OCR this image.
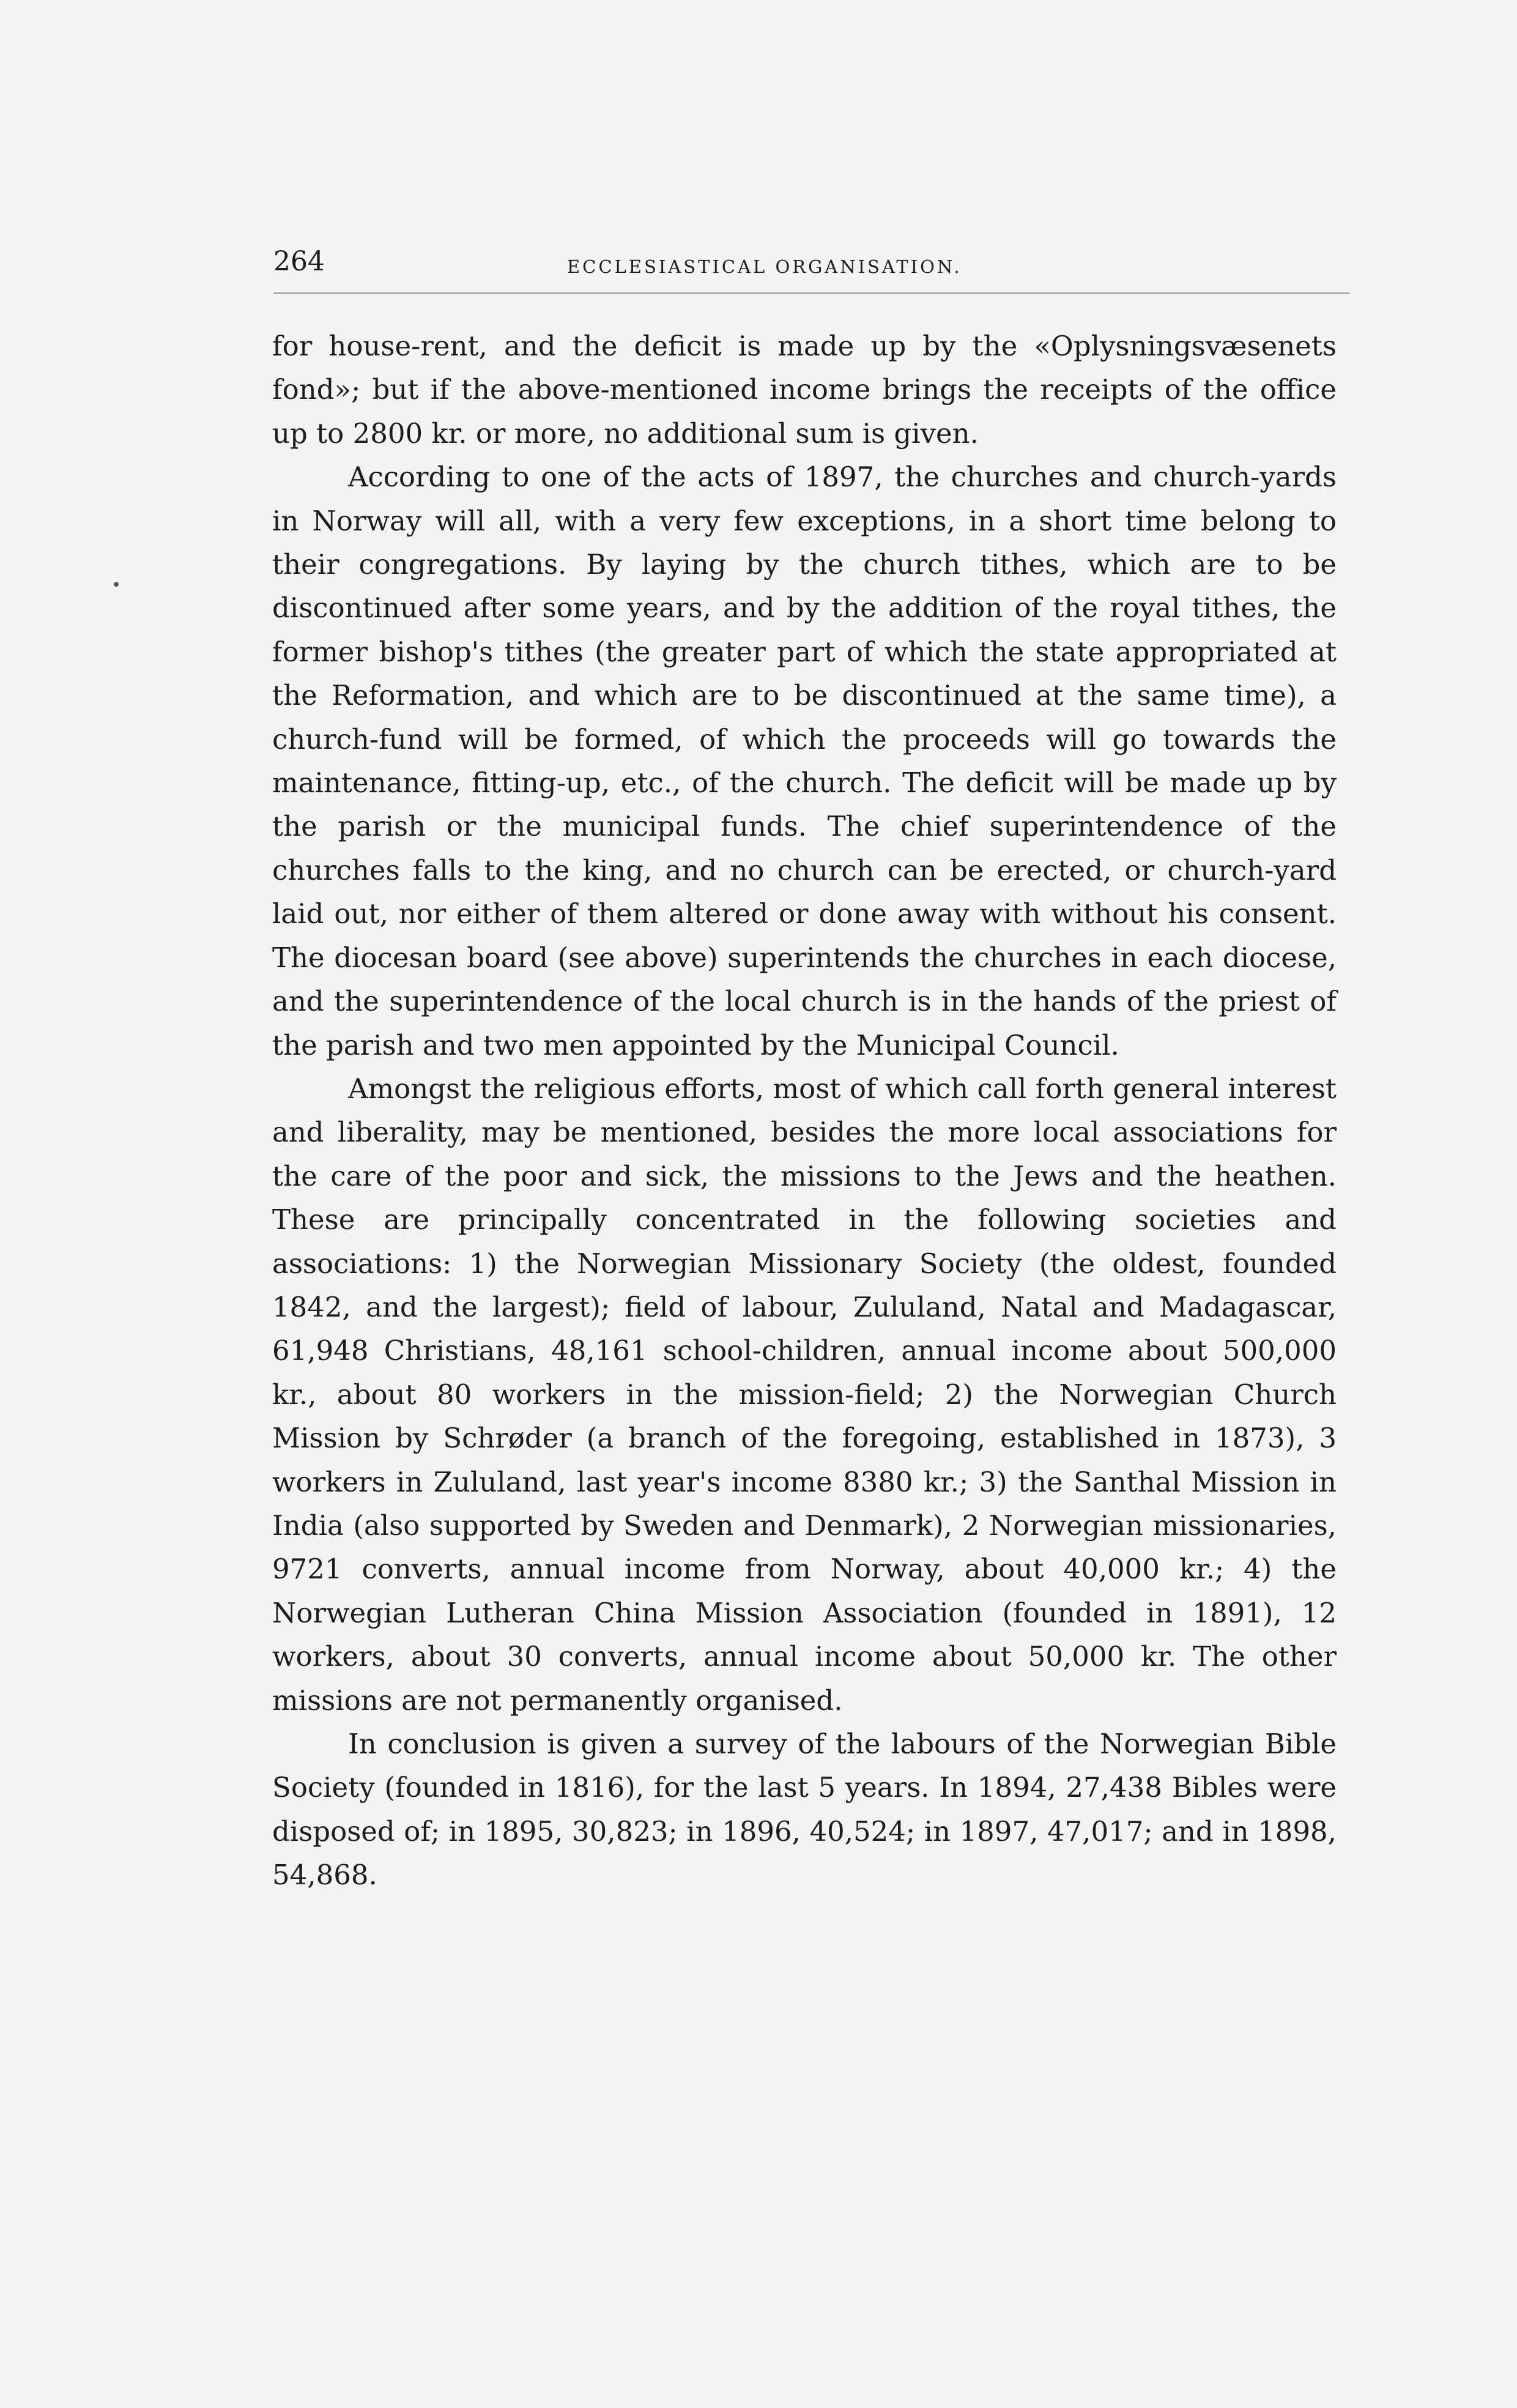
264	ECCLESIASTICAL ORGANISATION.

for house-rent, and the deficit is made up by the «Oplysningsvæsenets fond»; but if the above-mentioned income brings the receipts of the office up to 2800 kr. or more, no additional sum is given.

According to one of the acts of 1897, the churches and church-yards in Norway will all, with a very few exceptions, in a short time belong to their congregations. By laying by the church tithes, which are to be discontinued after some years, and by the addition of the royal tithes, the former bishop's tithes (the greater part of which the state appropriated at the Reformation, and which are to be discontinued at the same time), a church-fund will be formed, of which the proceeds will go towards the maintenance, fitting-up, etc., of the church. The deficit will be made up by the parish or the municipal funds. The chief superintendence of the churches falls to the king, and no church can be erected, or church-yard laid out, nor either of them altered or done away with without his consent. The diocesan board (see above) superintends the churches in each diocese, and the superintendence of the local church is in the hands of the priest of the parish and two men appointed by the Municipal Council.

Amongst the religious efforts, most of which call forth general interest and liberality, may be mentioned, besides the more local associations for the care of the poor and sick, the missions to the Jews and the heathen. These are principally concentrated in the following societies and associations: 1) the Norwegian Missionary Society (the oldest, founded 1842, and the largest); field of labour, Zululand, Natal and Madagascar, 61,948 Christians, 48,161 school-children, annual income about 500,000 kr., about 80 workers in the mission-field; 2) the Norwegian Church Mission by Schrøder (a branch of the foregoing, established in 1873), 3 workers in Zululand, last year's income 8380 kr.; 3) the Santhal Mission in India (also supported by Sweden and Denmark), 2 Norwegian missionaries, 9721 converts, annual income from Norway, about 40,000 kr.; 4) the Norwegian Lutheran China Mission Association (founded in 1891), 12 workers, about 30 converts, annual income about 50,000 kr. The other missions are not permanently organised.

In conclusion is given a survey of the labours of the Norwegian Bible Society (founded in 1816), for the last 5 years. In 1894, 27,438 Bibles were disposed of; in 1895, 30,823; in 1896, 40,524; in 1897, 47,017; and in 1898, 54,868.
